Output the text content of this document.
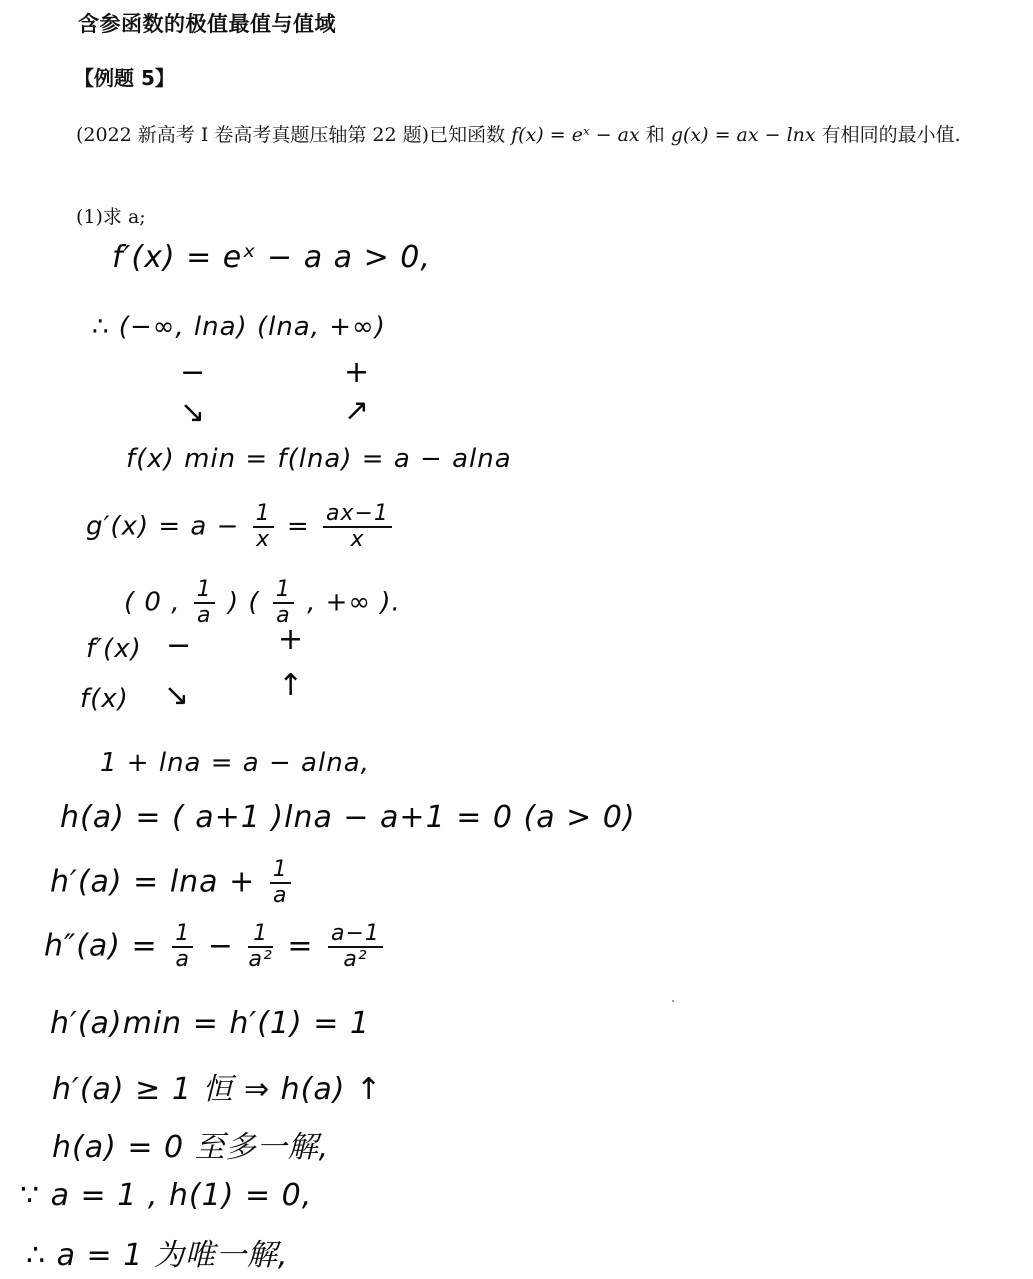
含参函数的极值最值与值域
【例题 5】
(2022 新高考 I 卷高考真题压轴第 22 题)已知函数 f(x) = eˣ − ax 和 g(x) = ax − lnx 有相同的最小值.
(1)求 a;
f′(x) = eˣ − a a > 0,
∴ (−∞, lna) (lna, +∞)
−	+
↘	↗
f(x) min = f(lna) = a − alna
$g'(x) = a - \frac{1}{x} = \frac{ax-1}{x}$
( 0 , $\frac{1}{a}$ ) ( $\frac{1}{a}$ , +∞ ).
f′(x) −	+
f(x) ↘	↑
1 + lna = a − alna,
h(a) = ( a+1 )lna − a+1 = 0 (a > 0)
$h'(a) = \ln a + \frac{1}{a}$
$h''(a) = \frac{1}{a} - \frac{1}{\text{a²}} = \frac{a-1}{\text{a²}}$
h′(a)min = h′(1) = 1
h′(a) ≥ 1 恒 ⇒ h(a) ↑
h(a) = 0 至多一解,
∵ a = 1 , h(1) = 0,
∴ a = 1 为唯一解,
